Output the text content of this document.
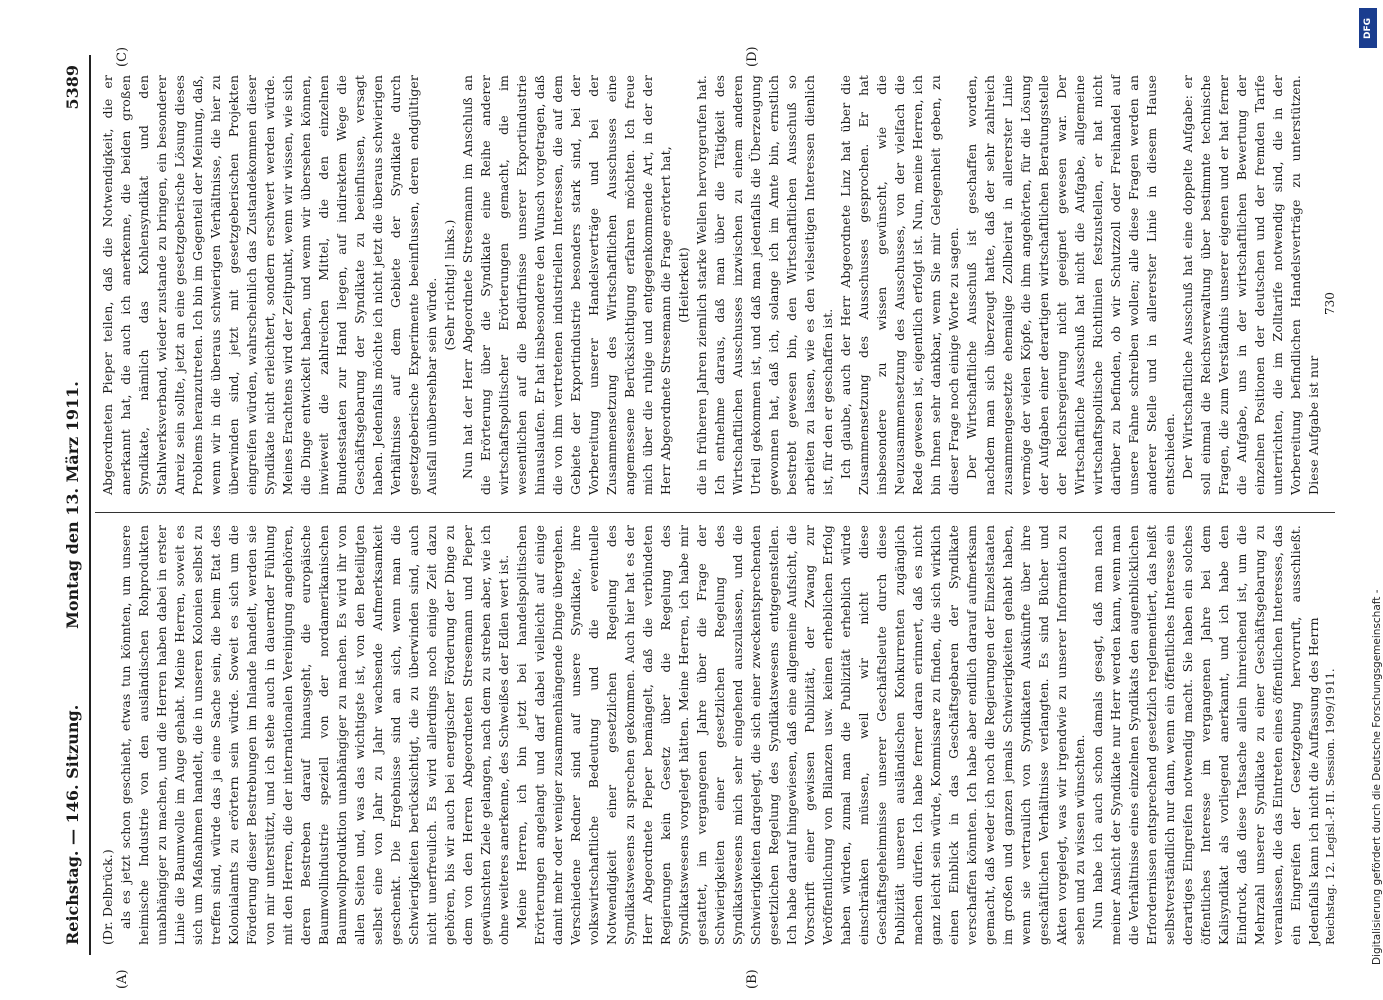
Reichstag. — 146. Sitzung.
Montag den 13. März 1911.
5389
(A)	(B)
(C)	(D)
(Dr. Delbrück.) als es jetzt schon geschieht, etwas tun könnten, um unsere heimische Industrie von den ausländischen Rohprodukten unabhängiger zu machen, und die Herren haben dabei in erster Linie die Baumwolle im Auge gehabt. Meine Herren, soweit es sich um Maßnahmen handelt, die in unseren Kolonien selbst zu treffen sind, würde das ja eine Sache sein, die beim Etat des Kolonialamts zu erörtern sein würde. Soweit es sich um die Förderung dieser Bestrebungen im Inlande handelt, werden sie von mir unterstützt, und ich stehe auch in dauernder Fühlung mit den Herren, die der internationalen Vereinigung angehören, deren Bestreben darauf hinausgeht, die europäische Baumwollindustrie speziell von der nordamerikanischen Baumwollproduktion unabhängiger zu machen. Es wird ihr von allen Seiten und, was das wichtigste ist, von den Beteiligten selbst eine von Jahr zu Jahr wachsende Aufmerksamkeit geschenkt. Die Ergebnisse sind an sich, wenn man die Schwierigkeiten berücksichtigt, die zu überwinden sind, auch nicht unerfreulich. Es wird allerdings noch einige Zeit dazu gehören, bis wir auch bei energischer Förderung der Dinge zu dem von den Herren Abgeordneten Stresemann und Pieper gewünschten Ziele gelangen, nach dem zu streben aber, wie ich ohne weiteres anerkenne, des Schweißes der Edlen wert ist. Meine Herren, ich bin jetzt bei handelspolitischen Erörterungen angelangt und darf dabei vielleicht auf einige damit mehr oder weniger zusammenhängende Dinge übergehen. Verschiedene Redner sind auf unsere Syndikate, ihre volkswirtschaftliche Bedeutung und die eventuelle Notwendigkeit einer gesetzlichen Regelung des Syndikatswesens zu sprechen gekommen. Auch hier hat es der Herr Abgeordnete Pieper bemängelt, daß die verbündeten Regierungen kein Gesetz über die Regelung des Syndikatswesens vorgelegt hätten. Meine Herren, ich habe mir gestattet, im vergangenen Jahre über die Frage der Schwierigkeiten einer gesetzlichen Regelung des Syndikatswesens mich sehr eingehend auszulassen, und die Schwierigkeiten dargelegt, die sich einer zweckentsprechenden gesetzlichen Regelung des Syndikatswesens entgegenstellen. Ich habe darauf hingewiesen, daß eine allgemeine Aufsicht, die Vorschrift einer gewissen Publizität, der Zwang zur Veröffentlichung von Bilanzen usw. keinen erheblichen Erfolg haben würden, zumal man die Publizität erheblich würde einschränken müssen, weil wir nicht diese Geschäftsgeheimnisse unserer Geschäftsleute durch diese Publizität unseren ausländischen Konkurrenten zugänglich machen dürfen. Ich habe ferner daran erinnert, daß es nicht ganz leicht sein würde, Kommissare zu finden, die sich wirklich einen Einblick in das Geschäftsgebaren der Syndikate verschaffen könnten. Ich habe aber endlich darauf aufmerksam gemacht, daß weder ich noch die Regierungen der Einzelstaaten im großen und ganzen jemals Schwierigkeiten gehabt haben, wenn sie vertraulich von Syndikaten Auskünfte über ihre geschäftlichen Verhältnisse verlangten. Es sind Bücher und Akten vorgelegt, was wir irgendwie zu unserer Information zu sehen und zu wissen wünschten. Nun habe ich auch schon damals gesagt, daß man nach meiner Ansicht der Syndikate nur Herr werden kann, wenn man die Verhältnisse eines einzelnen Syndikats den augenblicklichen Erfordernissen entsprechend gesetzlich reglementiert, das heißt selbstverständlich nur dann, wenn ein öffentliches Interesse ein derartiges Eingreifen notwendig macht. Sie haben ein solches öffentliches Interesse im vergangenen Jahre bei dem Kalisyndikat als vorliegend anerkannt, und ich habe den Eindruck, daß diese Tatsache allein hinreichend ist, um die Mehrzahl unserer Syndikate zu einer Geschäftsgebarung zu veranlassen, die das Eintreten eines öffentlichen Interesses, das ein Eingreifen der Gesetzgebung hervorruft, ausschließt. Jedenfalls kann ich nicht die Auffassung des Herrn

Abgeordneten Pieper teilen, daß die Notwendigkeit, die er anerkannt hat, die auch ich anerkenne, die beiden großen Syndikate, nämlich das Kohlensyndikat und den Stahlwerksverband, wieder zustande zu bringen, ein besonderer Anreiz sein sollte, jetzt an eine gesetzgeberische Lösung dieses Problems heranzutreten. Ich bin im Gegenteil der Meinung, daß, wenn wir in die überaus schwierigen Verhältnisse, die hier zu überwinden sind, jetzt mit gesetzgeberischen Projekten eingreifen würden, wahrscheinlich das Zustandekommen dieser Syndikate nicht erleichtert, sondern erschwert werden würde. Meines Erachtens wird der Zeitpunkt, wenn wir wissen, wie sich die Dinge entwickelt haben, und wenn wir übersehen können, inwieweit die zahlreichen Mittel, die den einzelnen Bundesstaaten zur Hand liegen, auf indirektem Wege die Geschäftsgebarung der Syndikate zu beeinflussen, versagt haben. Jedenfalls möchte ich nicht jetzt die überaus schwierigen Verhältnisse auf dem Gebiete der Syndikate durch gesetzgeberische Experimente beeinflussen, deren endgültiger Ausfall unübersehbar sein würde. (Sehr richtig! links.) Nun hat der Herr Abgeordnete Stresemann im Anschluß an die Erörterung über die Syndikate eine Reihe anderer wirtschaftspolitischer Erörterungen gemacht, die im wesentlichen auf die Bedürfnisse unserer Exportindustrie hinauslaufen. Er hat insbesondere den Wunsch vorgetragen, daß die von ihm vertretenen industriellen Interessen, die auf dem Gebiete der Exportindustrie besonders stark sind, bei der Vorbereitung unserer Handelsverträge und bei der Zusammensetzung des Wirtschaftlichen Ausschusses eine angemessene Berücksichtigung erfahren möchten. Ich freue mich über die ruhige und entgegenkommende Art, in der der Herr Abgeordnete Stresemann die Frage erörtert hat, (Heiterkeit) die in früheren Jahren ziemlich starke Wellen hervorgerufen hat. Ich entnehme daraus, daß man über die Tätigkeit des Wirtschaftlichen Ausschusses inzwischen zu einem anderen Urteil gekommen ist, und daß man jedenfalls die Überzeugung gewonnen hat, daß ich, solange ich im Amte bin, ernstlich bestrebt gewesen bin, den Wirtschaftlichen Ausschuß so arbeiten zu lassen, wie es den vielseitigen Interessen dienlich ist, für den er geschaffen ist. Ich glaube, auch der Herr Abgeordnete Linz hat über die Zusammensetzung des Ausschusses gesprochen. Er hat insbesondere zu wissen gewünscht, wie die Neuzusammensetzung des Ausschusses, von der vielfach die Rede gewesen ist, eigentlich erfolgt ist. Nun, meine Herren, ich bin Ihnen sehr dankbar, wenn Sie mir Gelegenheit geben, zu dieser Frage noch einige Worte zu sagen. Der Wirtschaftliche Ausschuß ist geschaffen worden, nachdem man sich überzeugt hatte, daß der sehr zahlreich zusammengesetzte ehemalige Zollbeirat in allererster Linie vermöge der vielen Köpfe, die ihm angehörten, für die Lösung der Aufgaben einer derartigen wirtschaftlichen Beratungsstelle der Reichsregierung nicht geeignet gewesen war. Der Wirtschaftliche Ausschuß hat nicht die Aufgabe, allgemeine wirtschaftspolitische Richtlinien festzustellen, er hat nicht darüber zu befinden, ob wir Schutzzoll oder Freihandel auf unsere Fahne schreiben wollen; alle diese Fragen werden an anderer Stelle und in allererster Linie in diesem Hause entschieden. Der Wirtschaftliche Ausschuß hat eine doppelte Aufgabe: er soll einmal die Reichsverwaltung über bestimmte technische Fragen, die zum Verständnis unserer eigenen und er hat ferner die Aufgabe, uns in der wirtschaftlichen Bewertung der einzelnen Positionen der deutschen und der fremden Tarife unterrichten, die im Zolltarife notwendig sind, die in der Vorbereitung befindlichen Handelsverträge zu unterstützen. Diese Aufgabe ist nur

Reichstag. 12. Legisl.-P. II. Session. 1909/1911.
730
Digitalisierung gefördert durch die Deutsche Forschungsgemeinschaft -
DFG
